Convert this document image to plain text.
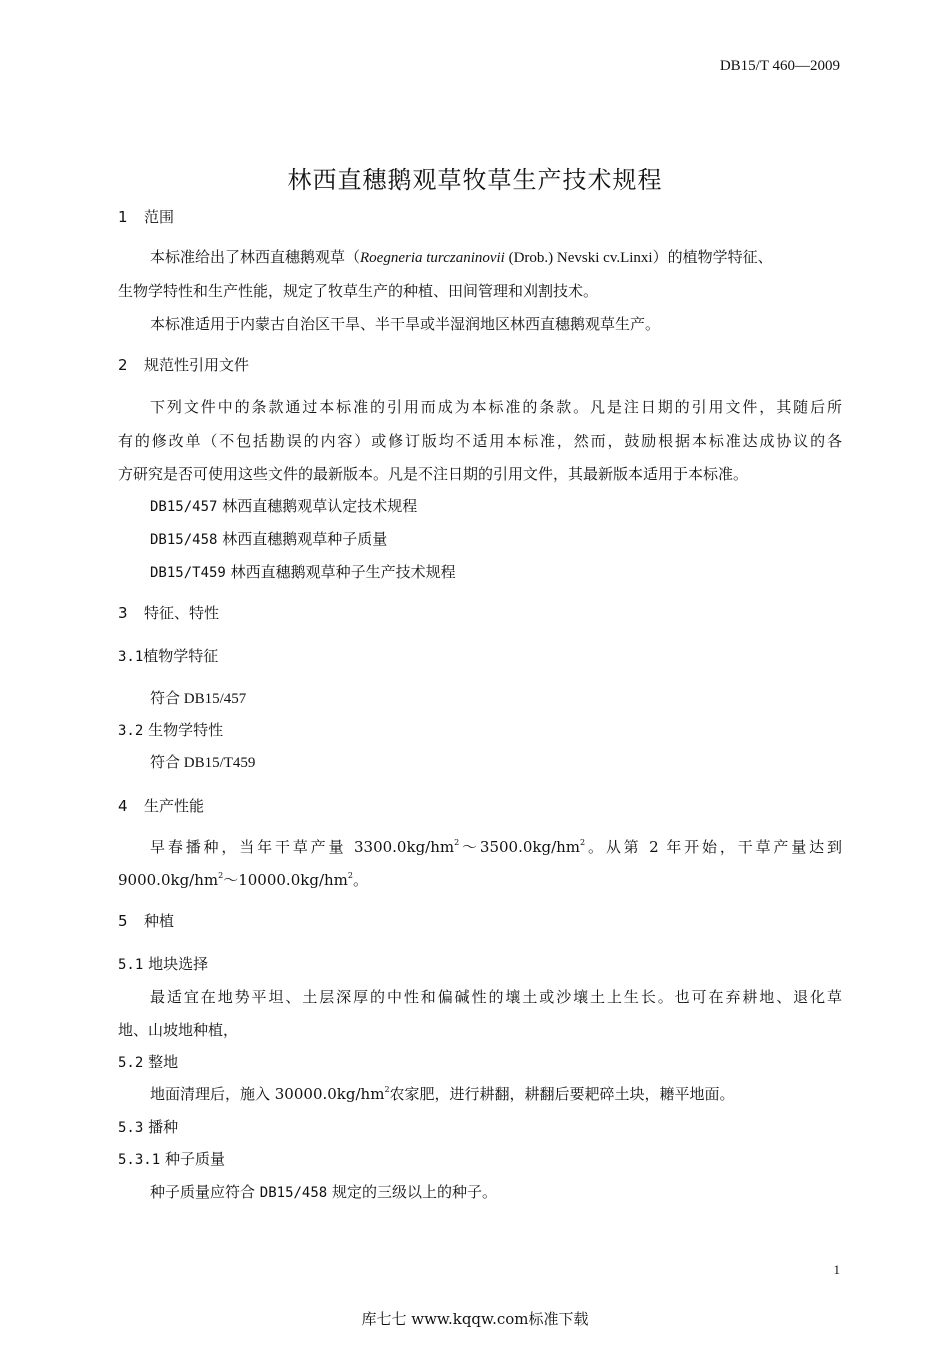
DB15/T 460—2009
林西直穗鹅观草牧草生产技术规程
1 范围
本标准给出了林西直穗鹅观草（Roegneria turczaninovii (Drob.) Nevski cv.Linxi）的植物学特征、
生物学特性和生产性能，规定了牧草生产的种植、田间管理和刈割技术。
本标准适用于内蒙古自治区干旱、半干旱或半湿润地区林西直穗鹅观草生产。
2 规范性引用文件
下列文件中的条款通过本标准的引用而成为本标准的条款。凡是注日期的引用文件，其随后所
有的修改单（不包括勘误的内容）或修订版均不适用本标准，然而，鼓励根据本标准达成协议的各
方研究是否可使用这些文件的最新版本。凡是不注日期的引用文件，其最新版本适用于本标准。
DB15/457 林西直穗鹅观草认定技术规程
DB15/458 林西直穗鹅观草种子质量
DB15/T459 林西直穗鹅观草种子生产技术规程
3 特征、特性
3.1植物学特征
符合 DB15/457
3.2 生物学特性
符合 DB15/T459
4 生产性能
早春播种，当年干草产量 $3300.0kg/hm^2\sim 3500.0kg/hm^2$。从第 2 年开始，干草产量达到
$9000.0kg/hm^2\sim 10000.0kg/hm^2$。
5 种植
5.1 地块选择
最适宜在地势平坦、土层深厚的中性和偏碱性的壤土或沙壤土上生长。也可在弃耕地、退化草
地、山坡地种植，
5.2 整地
地面清理后，施入 $30000.0kg/hm^2$农家肥，进行耕翻，耕翻后要耙碎土块，耱平地面。
5.3 播种
5.3.1 种子质量
种子质量应符合 DB15/458 规定的三级以上的种子。
1
库七七 www.kqqw.com标准下载
